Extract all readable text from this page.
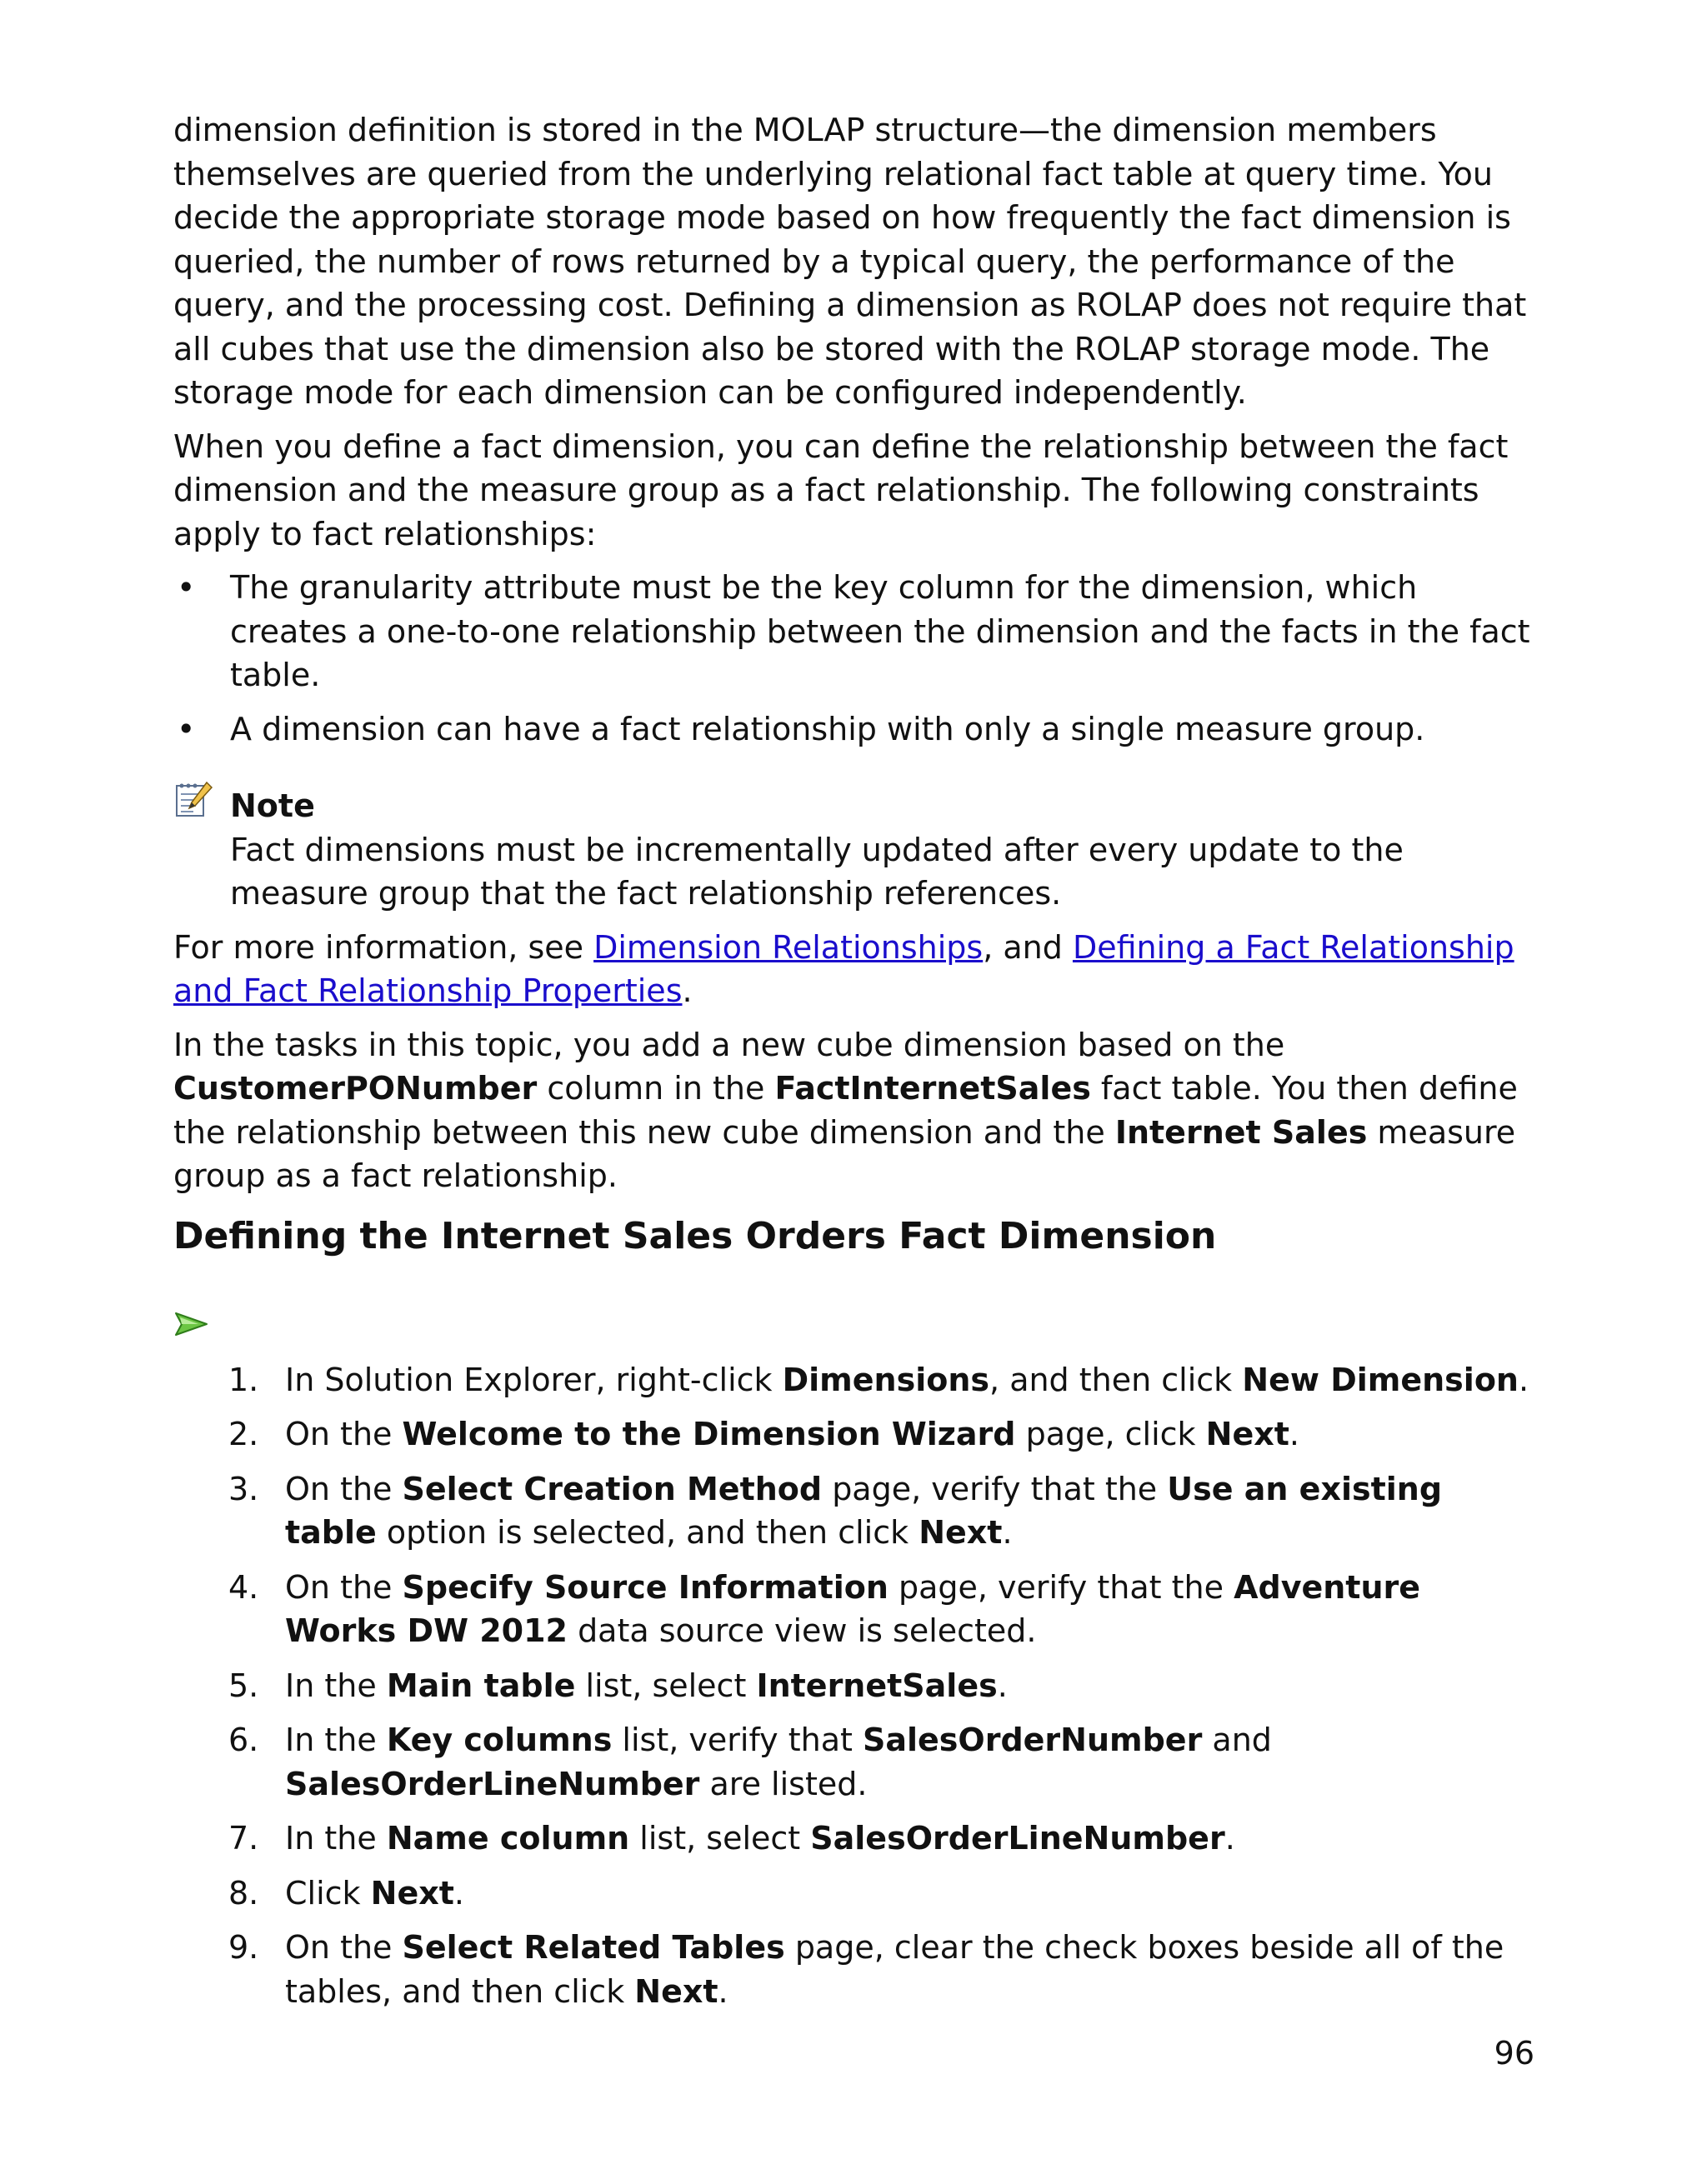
dimension definition is stored in the MOLAP structure—the dimension members themselves are queried from the underlying relational fact table at query time. You decide the appropriate storage mode based on how frequently the fact dimension is queried, the number of rows returned by a typical query, the performance of the query, and the processing cost. Defining a dimension as ROLAP does not require that all cubes that use the dimension also be stored with the ROLAP storage mode. The storage mode for each dimension can be configured independently.

When you define a fact dimension, you can define the relationship between the fact dimension and the measure group as a fact relationship. The following constraints apply to fact relationships:

• The granularity attribute must be the key column for the dimension, which creates a one-to-one relationship between the dimension and the facts in the fact table.
• A dimension can have a fact relationship with only a single measure group.
Note
Fact dimensions must be incrementally updated after every update to the measure group that the fact relationship references.

For more information, see Dimension Relationships, and Defining a Fact Relationship and Fact Relationship Properties.

In the tasks in this topic, you add a new cube dimension based on the CustomerPONumber column in the FactInternetSales fact table. You then define the relationship between this new cube dimension and the Internet Sales measure group as a fact relationship.

Defining the Internet Sales Orders Fact Dimension
1. In Solution Explorer, right-click Dimensions, and then click New Dimension.
2. On the Welcome to the Dimension Wizard page, click Next.
3. On the Select Creation Method page, verify that the Use an existing table option is selected, and then click Next.
4. On the Specify Source Information page, verify that the Adventure Works DW 2012 data source view is selected.
5. In the Main table list, select InternetSales.
6. In the Key columns list, verify that SalesOrderNumber and SalesOrderLineNumber are listed.
7. In the Name column list, select SalesOrderLineNumber.
8. Click Next.
9. On the Select Related Tables page, clear the check boxes beside all of the tables, and then click Next.
96
